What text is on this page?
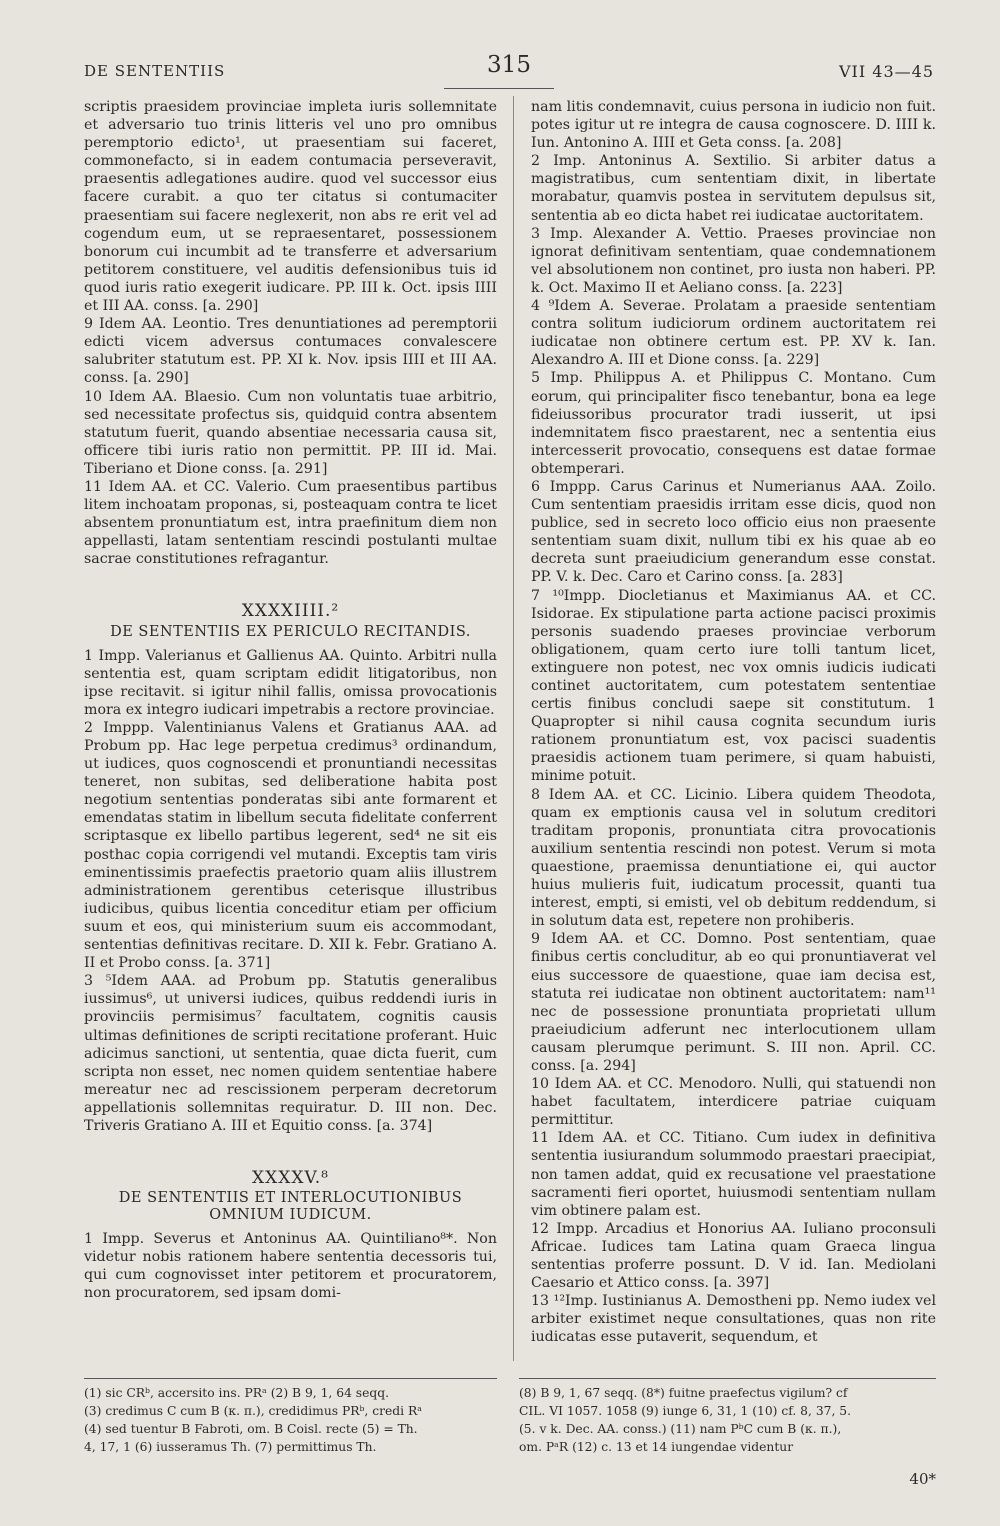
DE SENTENTIIS	315	VII 43—45

scriptis praesidem provinciae impleta iuris sollemnitate et adversario tuo trinis litteris vel uno pro omnibus peremptorio edicto¹, ut praesentiam sui faceret, commonefacto, si in eadem contumacia perseveravit, praesentis adlegationes audire. quod vel successor eius facere curabit. a quo ter citatus si contumaciter praesentiam sui facere neglexerit, non abs re erit vel ad cogendum eum, ut se repraesentaret, possessionem bonorum cui incumbit ad te transferre et adversarium petitorem constituere, vel auditis defensionibus tuis id quod iuris ratio exegerit iudicare. PP. III k. Oct. ipsis IIII et III AA. conss. [a. 290]

9 Idem AA. Leontio. Tres denuntiationes ad peremptorii edicti vicem adversus contumaces convalescere salubriter statutum est. PP. XI k. Nov. ipsis IIII et III AA. conss. [a. 290]

10 Idem AA. Blaesio. Cum non voluntatis tuae arbitrio, sed necessitate profectus sis, quidquid contra absentem statutum fuerit, quando absentiae necessaria causa sit, officere tibi iuris ratio non permittit. PP. III id. Mai. Tiberiano et Dione conss. [a. 291]

11 Idem AA. et CC. Valerio. Cum praesentibus partibus litem inchoatam proponas, si, posteaquam contra te licet absentem pronuntiatum est, intra praefinitum diem non appellasti, latam sententiam rescindi postulanti multae sacrae constitutiones refragantur.

XXXXIIII.²
DE SENTENTIIS EX PERICULO RECITANDIS.

1 Impp. Valerianus et Gallienus AA. Quinto. Arbitri nulla sententia est, quam scriptam edidit litigatoribus, non ipse recitavit. si igitur nihil fallis, omissa provocationis mora ex integro iudicari impetrabis a rectore provinciae.

2 Imppp. Valentinianus Valens et Gratianus AAA. ad Probum pp. Hac lege perpetua credimus³ ordinandum, ut iudices, quos cognoscendi et pronuntiandi necessitas teneret, non subitas, sed deliberatione habita post negotium sententias ponderatas sibi ante formarent et emendatas statim in libellum secuta fidelitate conferrent scriptasque ex libello partibus legerent, sed⁴ ne sit eis posthac copia corrigendi vel mutandi. Exceptis tam viris eminentissimis praefectis praetorio quam aliis illustrem administrationem gerentibus ceterisque illustribus iudicibus, quibus licentia conceditur etiam per officium suum et eos, qui ministerium suum eis accommodant, sententias definitivas recitare. D. XII k. Febr. Gratiano A. II et Probo conss. [a. 371]

3 ⁵Idem AAA. ad Probum pp. Statutis generalibus iussimus⁶, ut universi iudices, quibus reddendi iuris in provinciis permisimus⁷ facultatem, cognitis causis ultimas definitiones de scripti recitatione proferant. Huic adicimus sanctioni, ut sententia, quae dicta fuerit, cum scripta non esset, nec nomen quidem sententiae habere mereatur nec ad rescissionem perperam decretorum appellationis sollemnitas requiratur. D. III non. Dec. Triveris Gratiano A. III et Equitio conss. [a. 374]

XXXXV.⁸
DE SENTENTIIS ET INTERLOCUTIONIBUS OMNIUM IUDICUM.

1 Impp. Severus et Antoninus AA. Quintiliano⁸*. Non videtur nobis rationem habere sententia decessoris tui, qui cum cognovisset inter petitorem et procuratorem, non procuratorem, sed ipsam domi-

nam litis condemnavit, cuius persona in iudicio non fuit. potes igitur ut re integra de causa cognoscere. D. IIII k. Iun. Antonino A. IIII et Geta conss. [a. 208]

2 Imp. Antoninus A. Sextilio. Si arbiter datus a magistratibus, cum sententiam dixit, in libertate morabatur, quamvis postea in servitutem depulsus sit, sententia ab eo dicta habet rei iudicatae auctoritatem.

3 Imp. Alexander A. Vettio. Praeses provinciae non ignorat definitivam sententiam, quae condemnationem vel absolutionem non continet, pro iusta non haberi. PP. k. Oct. Maximo II et Aeliano conss. [a. 223]

4 ⁹Idem A. Severae. Prolatam a praeside sententiam contra solitum iudiciorum ordinem auctoritatem rei iudicatae non obtinere certum est. PP. XV k. Ian. Alexandro A. III et Dione conss. [a. 229]

5 Imp. Philippus A. et Philippus C. Montano. Cum eorum, qui principaliter fisco tenebantur, bona ea lege fideiussoribus procurator tradi iusserit, ut ipsi indemnitatem fisco praestarent, nec a sententia eius intercesserit provocatio, consequens est datae formae obtemperari.

6 Imppp. Carus Carinus et Numerianus AAA. Zoilo. Cum sententiam praesidis irritam esse dicis, quod non publice, sed in secreto loco officio eius non praesente sententiam suam dixit, nullum tibi ex his quae ab eo decreta sunt praeiudicium generandum esse constat. PP. V. k. Dec. Caro et Carino conss. [a. 283]

7 ¹⁰Impp. Diocletianus et Maximianus AA. et CC. Isidorae. Ex stipulatione parta actione pacisci proximis personis suadendo praeses provinciae verborum obligationem, quam certo iure tolli tantum licet, extinguere non potest, nec vox omnis iudicis iudicati continet auctoritatem, cum potestatem sententiae certis finibus concludi saepe sit constitutum. 1 Quapropter si nihil causa cognita secundum iuris rationem pronuntiatum est, vox pacisci suadentis praesidis actionem tuam perimere, si quam habuisti, minime potuit.

8 Idem AA. et CC. Licinio. Libera quidem Theodota, quam ex emptionis causa vel in solutum creditori traditam proponis, pronuntiata citra provocationis auxilium sententia rescindi non potest. Verum si mota quaestione, praemissa denuntiatione ei, qui auctor huius mulieris fuit, iudicatum processit, quanti tua interest, empti, si emisti, vel ob debitum reddendum, si in solutum data est, repetere non prohiberis.

9 Idem AA. et CC. Domno. Post sententiam, quae finibus certis concluditur, ab eo qui pronuntiaverat vel eius successore de quaestione, quae iam decisa est, statuta rei iudicatae non obtinent auctoritatem: nam¹¹ nec de possessione pronuntiata proprietati ullum praeiudicium adferunt nec interlocutionem ullam causam plerumque perimunt. S. III non. April. CC. conss. [a. 294]

10 Idem AA. et CC. Menodoro. Nulli, qui statuendi non habet facultatem, interdicere patriae cuiquam permittitur.

11 Idem AA. et CC. Titiano. Cum iudex in definitiva sententia iusiurandum solummodo praestari praecipiat, non tamen addat, quid ex recusatione vel praestatione sacramenti fieri oportet, huiusmodi sententiam nullam vim obtinere palam est.

12 Impp. Arcadius et Honorius AA. Iuliano proconsuli Africae. Iudices tam Latina quam Graeca lingua sententias proferre possunt. D. V id. Ian. Mediolani Caesario et Attico conss. [a. 397]

13 ¹²Imp. Iustinianus A. Demostheni pp. Nemo iudex vel arbiter existimet neque consultationes, quas non rite iudicatas esse putaverit, sequendum, et

(1) sic CRᵇ, accersito ins. PRᵃ (2) B 9, 1, 64 seqq.

(3) credimus C cum B (κ. π.), credidimus PRᵇ, credi Rᵃ

(4) sed tuentur B Fabroti, om. B Coisl. recte (5) = Th.

4, 17, 1 (6) iusseramus Th. (7) permittimus Th.

(8) B 9, 1, 67 seqq. (8*) fuitne praefectus vigilum? cf

CIL. VI 1057. 1058 (9) iunge 6, 31, 1 (10) cf. 8, 37, 5.

(5. v k. Dec. AA. conss.) (11) nam PᵇC cum B (κ. π.),

om. PᵃR (12) c. 13 et 14 iungendae videntur

40*
